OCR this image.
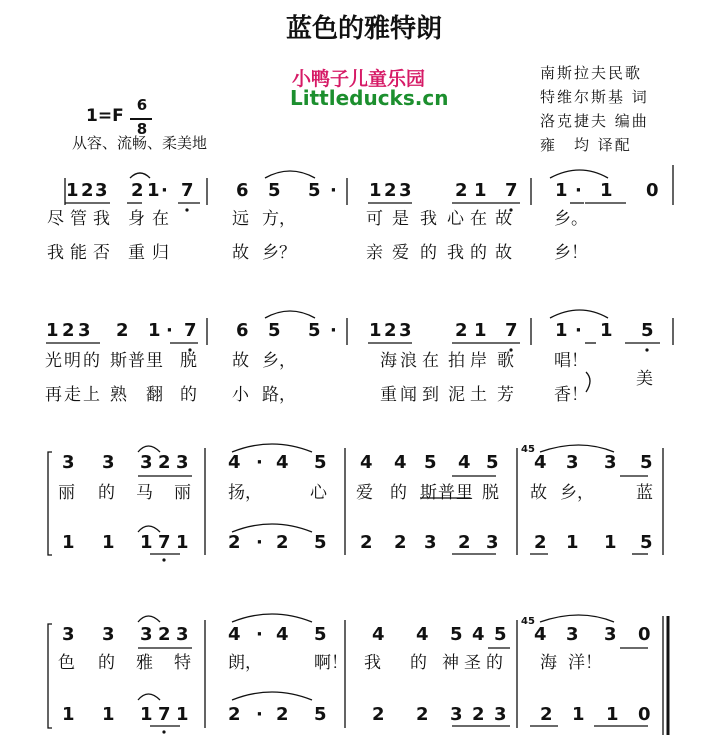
蓝色的雅特朗
小鸭子儿童乐园
Littleducks.cn
南斯拉夫民歌
特维尔斯基 词
洛克捷夫 编曲
雍　均 译配
1=F
6
8
从容、流畅、柔美地
1 2 3 2 1 · 7 6 5 5 · 1 2 3 2 1 7 1 · 1 0
尽 管 我 身 在	远 方，	可 是 我 心 在 故 乡。
我 能 否 重 归	故 乡？	亲 爱 的 我 的 故 乡！
1 2 3 2 1 · 7 6 5 5 · 1 2 3 2 1 7 1 · 1 5
光 明 的 斯 普 里 脱 故 乡，	海 浪 在 拍 岸 歌 唱！
再 走 上 熟 翻 的 小 路，	重 闻 到 泥 土 芳 香！
美
3 3 3 2 3 4 · 4 5 4 4 5 4 5 4 3 3 5
45
丽 的 马 丽 扬，	心 爱 的 斯 普 里 脱 故 乡， 蓝
1 1 1 7 1 2 · 2 5 2 2 3 2 3 2 1 1 5
3 3 3 2 3 4 · 4 5	4 4 5 4 5 4 3 3 0
45
色 的 雅 特 朗，	啊！ 我 的 神 圣 的 海 洋！
1 1 1 7 1 2 · 2 5	2 2 3 2 3 2 1 1 0
